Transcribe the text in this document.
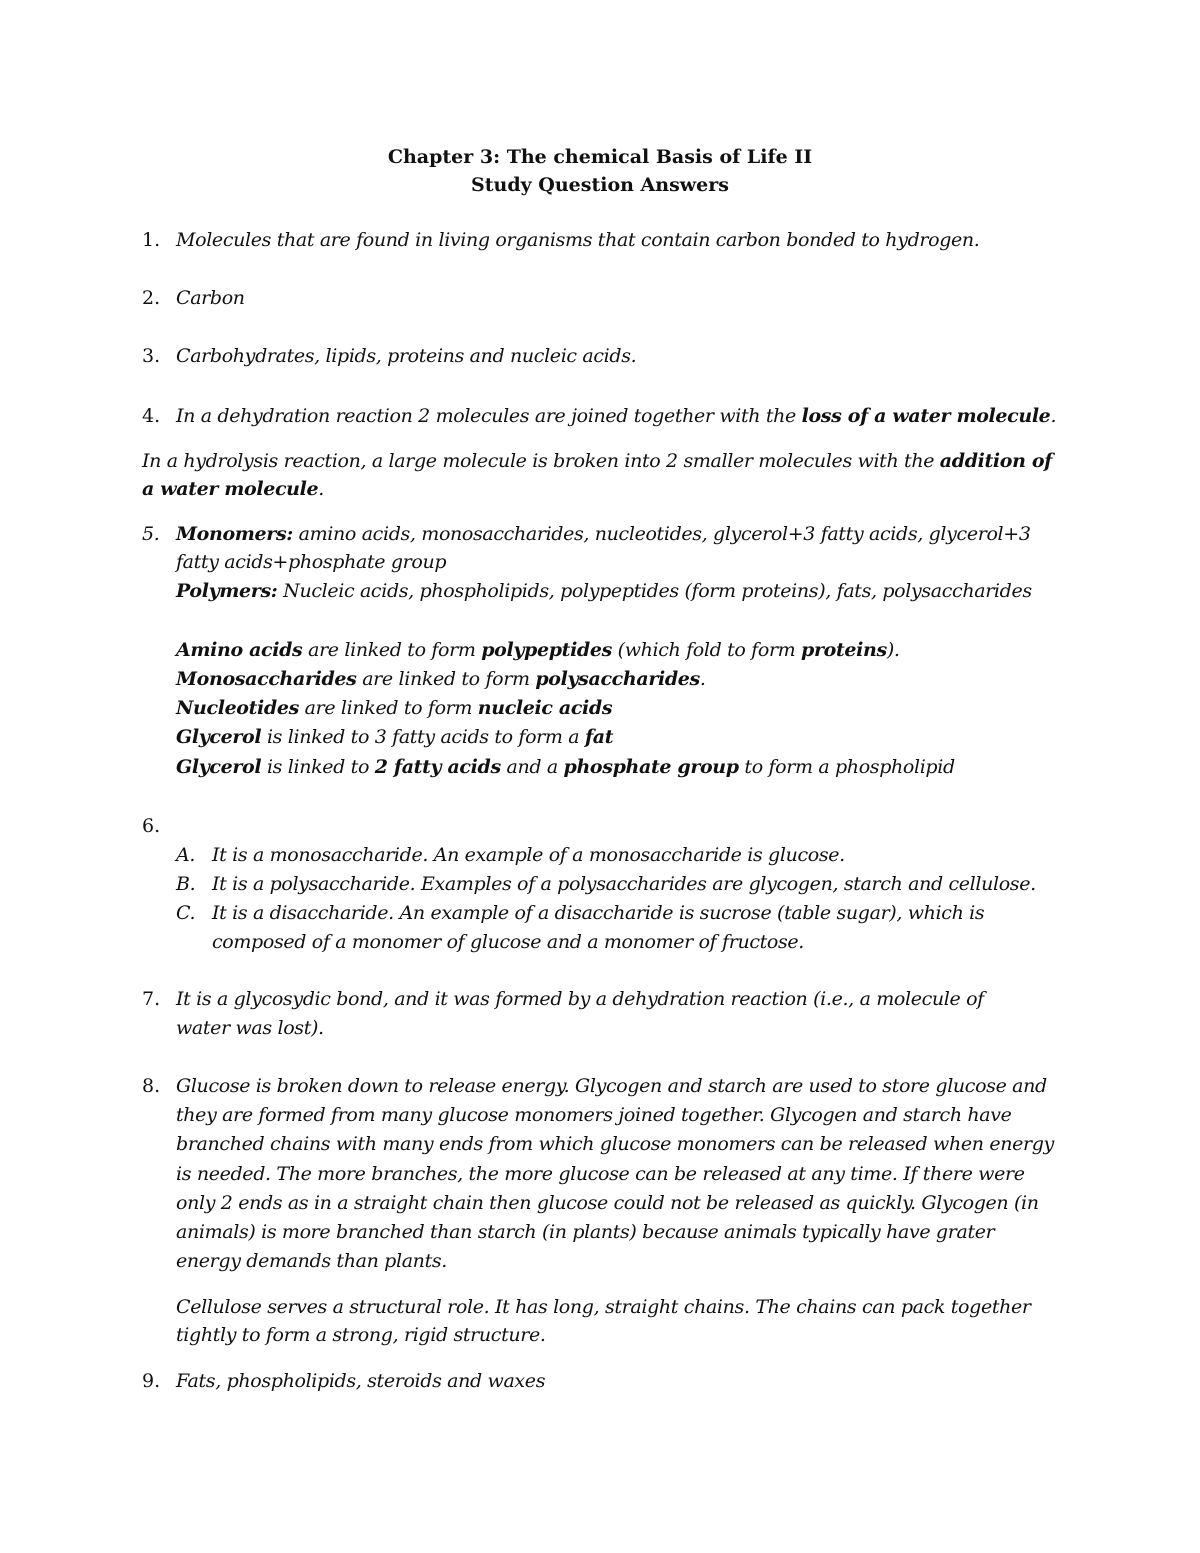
Chapter 3: The chemical Basis of Life II
Study Question Answers
1. Molecules that are found in living organisms that contain carbon bonded to hydrogen.
2. Carbon
3. Carbohydrates, lipids, proteins and nucleic acids.
4. In a dehydration reaction 2 molecules are joined together with the loss of a water molecule.
In a hydrolysis reaction, a large molecule is broken into 2 smaller molecules with the addition of
a water molecule.
5. Monomers: amino acids, monosaccharides, nucleotides, glycerol+3 fatty acids, glycerol+3
fatty acids+phosphate group
Polymers: Nucleic acids, phospholipids, polypeptides (form proteins), fats, polysaccharides
Amino acids are linked to form polypeptides (which fold to form proteins).
Monosaccharides are linked to form polysaccharides.
Nucleotides are linked to form nucleic acids
Glycerol is linked to 3 fatty acids to form a fat
Glycerol is linked to 2 fatty acids and a phosphate group to form a phospholipid
6.
A. It is a monosaccharide. An example of a monosaccharide is glucose.
B. It is a polysaccharide. Examples of a polysaccharides are glycogen, starch and cellulose.
C. It is a disaccharide. An example of a disaccharide is sucrose (table sugar), which is
composed of a monomer of glucose and a monomer of fructose.
7. It is a glycosydic bond, and it was formed by a dehydration reaction (i.e., a molecule of
water was lost).
8. Glucose is broken down to release energy. Glycogen and starch are used to store glucose and
they are formed from many glucose monomers joined together. Glycogen and starch have
branched chains with many ends from which glucose monomers can be released when energy
is needed. The more branches, the more glucose can be released at any time. If there were
only 2 ends as in a straight chain then glucose could not be released as quickly. Glycogen (in
animals) is more branched than starch (in plants) because animals typically have grater
energy demands than plants.
Cellulose serves a structural role. It has long, straight chains. The chains can pack together
tightly to form a strong, rigid structure.
9. Fats, phospholipids, steroids and waxes
